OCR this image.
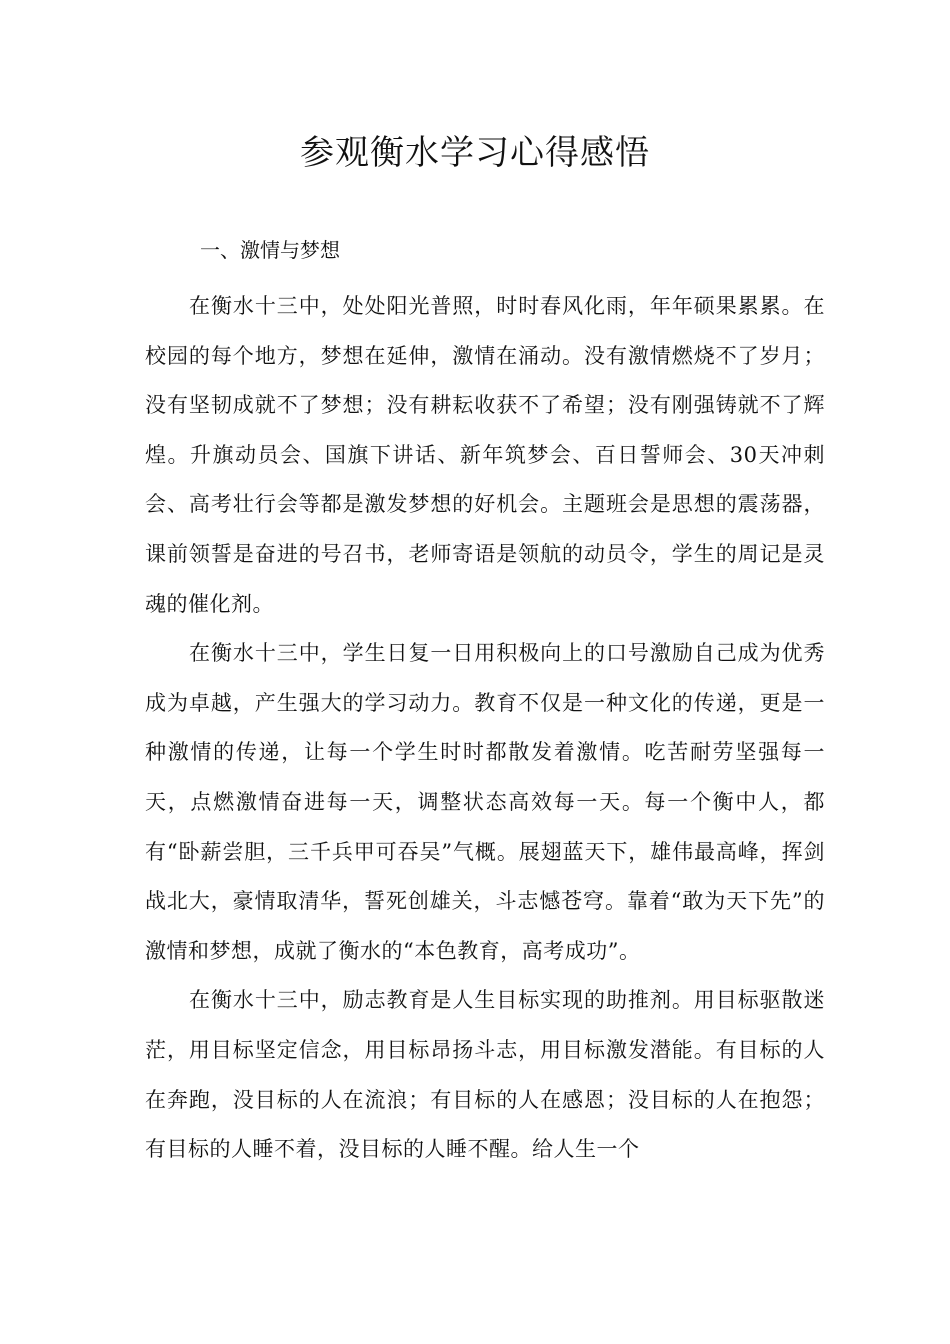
参观衡水学习心得感悟
一、激情与梦想

在衡水十三中，处处阳光普照，时时春风化雨，年年硕果累累。在校园的每个地方，梦想在延伸，激情在涌动。没有激情燃烧不了岁月；没有坚韧成就不了梦想；没有耕耘收获不了希望；没有刚强铸就不了辉煌。升旗动员会、国旗下讲话、新年筑梦会、百日誓师会、30天冲刺会、高考壮行会等都是激发梦想的好机会。主题班会是思想的震荡器，课前领誓是奋进的号召书，老师寄语是领航的动员令，学生的周记是灵魂的催化剂。

在衡水十三中，学生日复一日用积极向上的口号激励自己成为优秀成为卓越，产生强大的学习动力。教育不仅是一种文化的传递，更是一种激情的传递，让每一个学生时时都散发着激情。吃苦耐劳坚强每一天，点燃激情奋进每一天，调整状态高效每一天。每一个衡中人，都有“卧薪尝胆，三千兵甲可吞吴”气概。展翅蓝天下，雄伟最高峰，挥剑战北大，豪情取清华，誓死创雄关，斗志憾苍穹。靠着“敢为天下先”的激情和梦想，成就了衡水的“本色教育，高考成功”。

在衡水十三中，励志教育是人生目标实现的助推剂。用目标驱散迷茫，用目标坚定信念，用目标昂扬斗志，用目标激发潜能。有目标的人在奔跑，没目标的人在流浪；有目标的人在感恩；没目标的人在抱怨；有目标的人睡不着，没目标的人睡不醒。给人生一个
